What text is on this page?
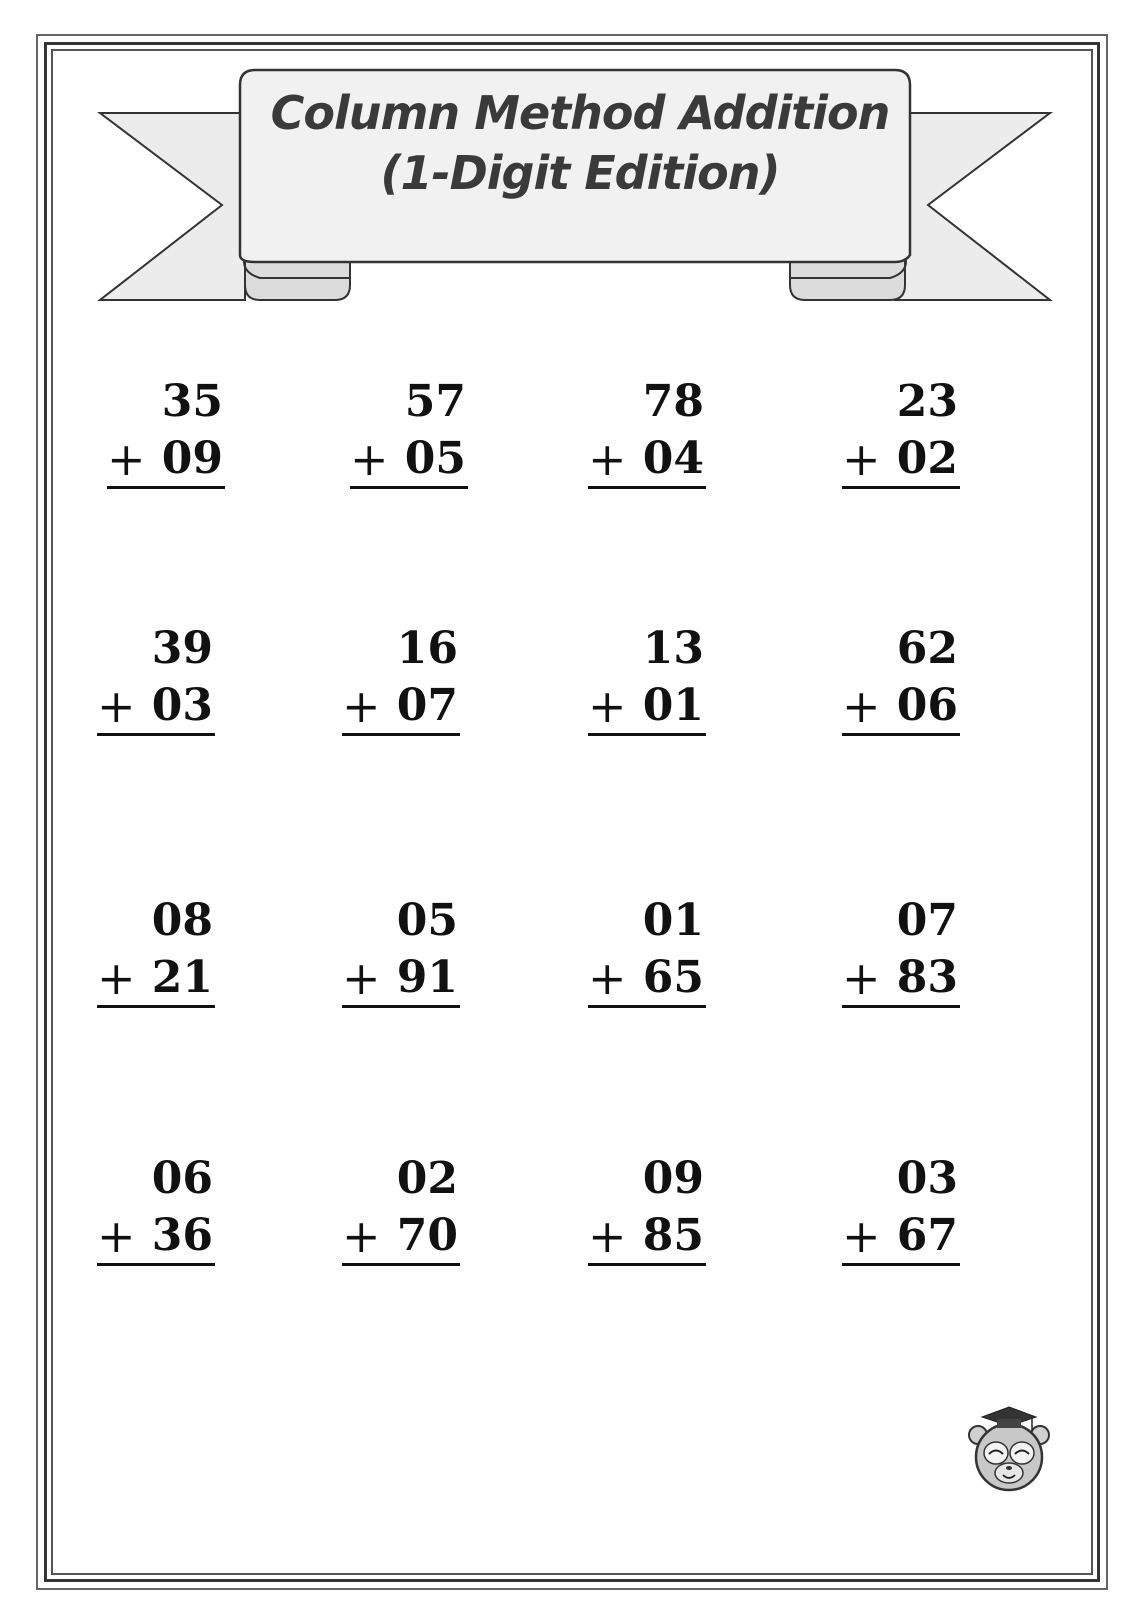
Column Method Addition
(1-Digit Edition)
35
+ 09
57
+ 05
78
+ 04
23
+ 02
39
+ 03
16
+ 07
13
+ 01
62
+ 06
08
+ 21
05
+ 91
01
+ 65
07
+ 83
06
+ 36
02
+ 70
09
+ 85
03
+ 67
